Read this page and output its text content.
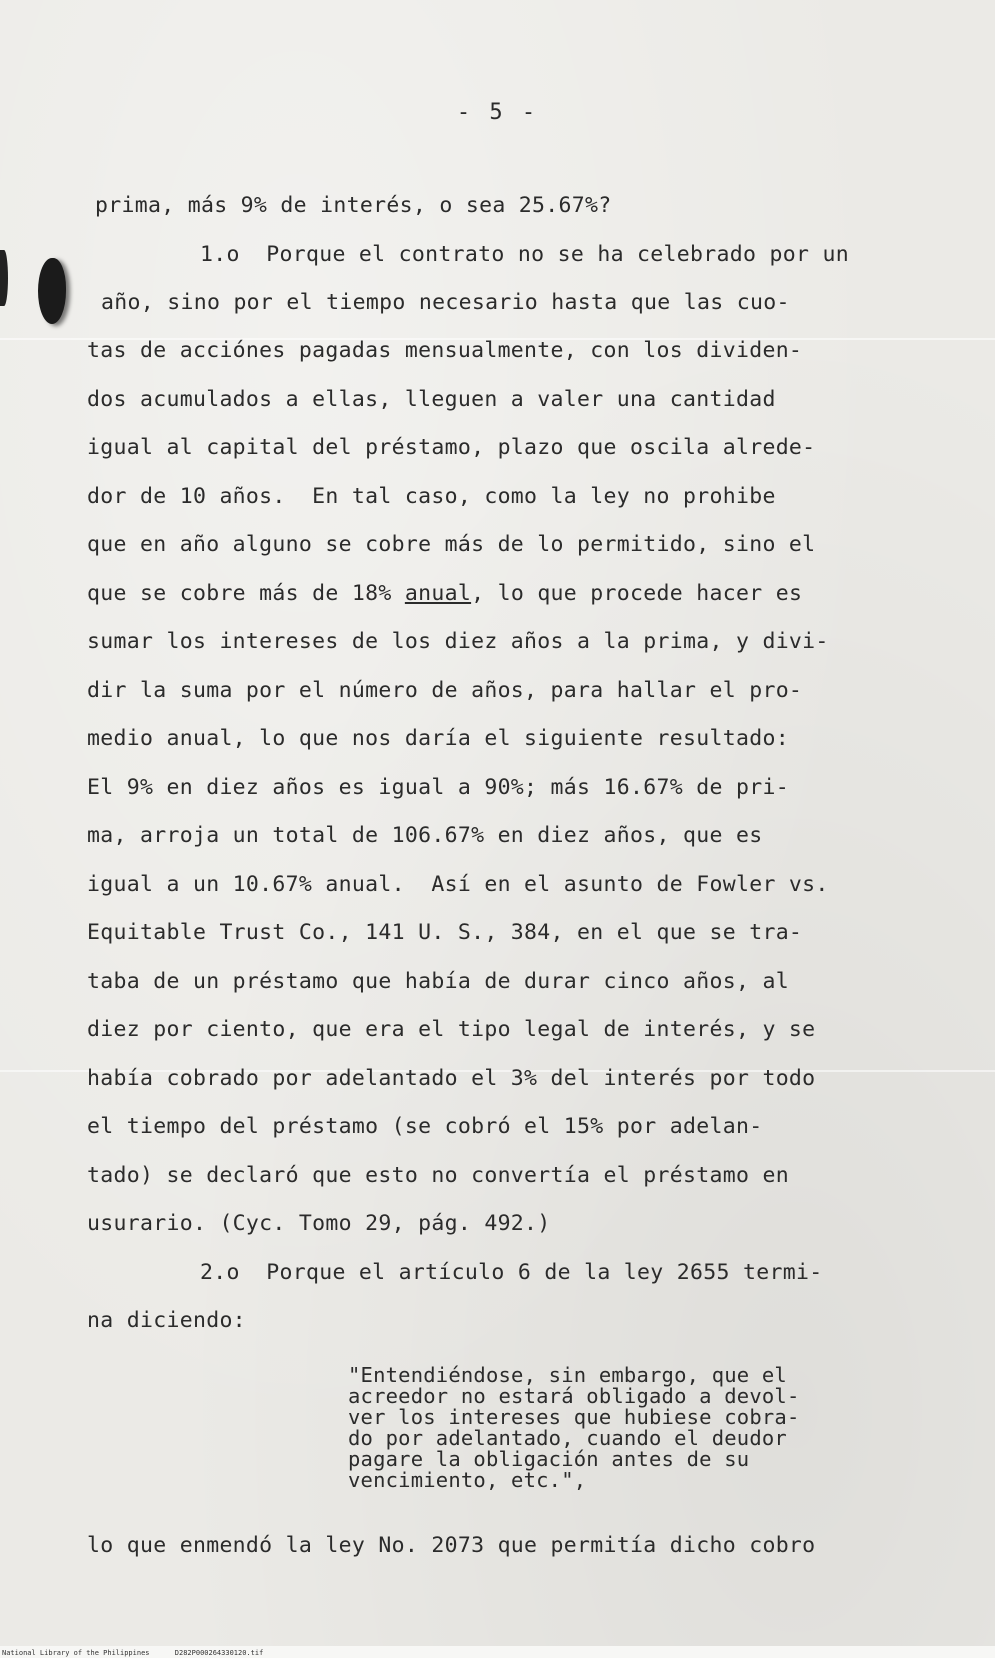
- 5 -
prima, más 9% de interés, o sea 25.67%?
1.o  Porque el contrato no se ha celebrado por un
año, sino por el tiempo necesario hasta que las cuo-
tas de acciónes pagadas mensualmente, con los dividen-
dos acumulados a ellas, lleguen a valer una cantidad
igual al capital del préstamo, plazo que oscila alrede-
dor de 10 años.  En tal caso, como la ley no prohibe
que en año alguno se cobre más de lo permitido, sino el
que se cobre más de 18% anual, lo que procede hacer es
sumar los intereses de los diez años a la prima, y divi-
dir la suma por el número de años, para hallar el pro-
medio anual, lo que nos daría el siguiente resultado:
El 9% en diez años es igual a 90%; más 16.67% de pri-
ma, arroja un total de 106.67% en diez años, que es
igual a un 10.67% anual.  Así en el asunto de Fowler vs.
Equitable Trust Co., 141 U. S., 384, en el que se tra-
taba de un préstamo que había de durar cinco años, al
diez por ciento, que era el tipo legal de interés, y se
había cobrado por adelantado el 3% del interés por todo
el tiempo del préstamo (se cobró el 15% por adelan-
tado) se declaró que esto no convertía el préstamo en
usurario. (Cyc. Tomo 29, pág. 492.)
2.o  Porque el artículo 6 de la ley 2655 termi-
na diciendo:
"Entendiéndose, sin embargo, que el
acreedor no estará obligado a devol-
ver los intereses que hubiese cobra-
do por adelantado, cuando el deudor
pagare la obligación antes de su
vencimiento, etc.",
lo que enmendó la ley No. 2073 que permitía dicho cobro
National Library of the Philippines      D282P000264330120.tif
